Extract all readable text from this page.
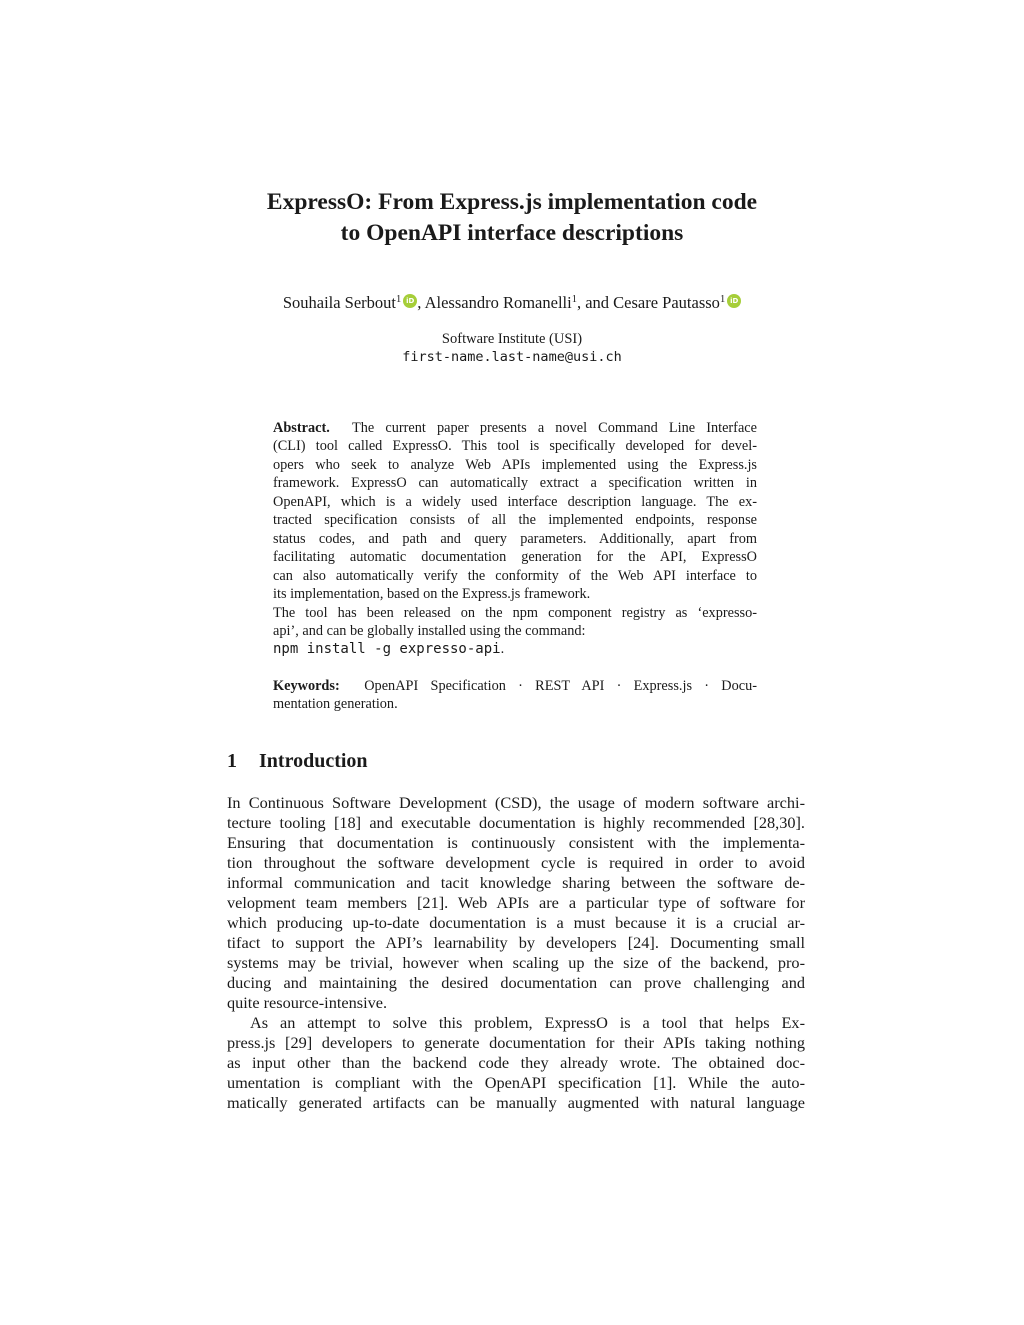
ExpressO: From Express.js implementation code
to OpenAPI interface descriptions
Souhaila Serbout$^1$ iD , Alessandro Romanelli$^1$, and Cesare Pautasso$^1$ iD
Software Institute (USI)
first-name.last-name@usi.ch
Abstract. The current paper presents a novel Command Line Interface
(CLI) tool called ExpressO. This tool is specifically developed for devel-
opers who seek to analyze Web APIs implemented using the Express.js
framework. ExpressO can automatically extract a specification written in
OpenAPI, which is a widely used interface description language. The ex-
tracted specification consists of all the implemented endpoints, response
status codes, and path and query parameters. Additionally, apart from
facilitating automatic documentation generation for the API, ExpressO
can also automatically verify the conformity of the Web API interface to
its implementation, based on the Express.js framework.
The tool has been released on the npm component registry as ‘expresso-
api’, and can be globally installed using the command:
npm install -g expresso-api.
Keywords: OpenAPI Specification · REST API · Express.js · Docu-
mentation generation.
1 Introduction
In Continuous Software Development (CSD), the usage of modern software archi-
tecture tooling [18] and executable documentation is highly recommended [28,30].
Ensuring that documentation is continuously consistent with the implementa-
tion throughout the software development cycle is required in order to avoid
informal communication and tacit knowledge sharing between the software de-
velopment team members [21]. Web APIs are a particular type of software for
which producing up-to-date documentation is a must because it is a crucial ar-
tifact to support the API’s learnability by developers [24]. Documenting small
systems may be trivial, however when scaling up the size of the backend, pro-
ducing and maintaining the desired documentation can prove challenging and
quite resource-intensive.
As an attempt to solve this problem, ExpressO is a tool that helps Ex-
press.js [29] developers to generate documentation for their APIs taking nothing
as input other than the backend code they already wrote. The obtained doc-
umentation is compliant with the OpenAPI specification [1]. While the auto-
matically generated artifacts can be manually augmented with natural language
